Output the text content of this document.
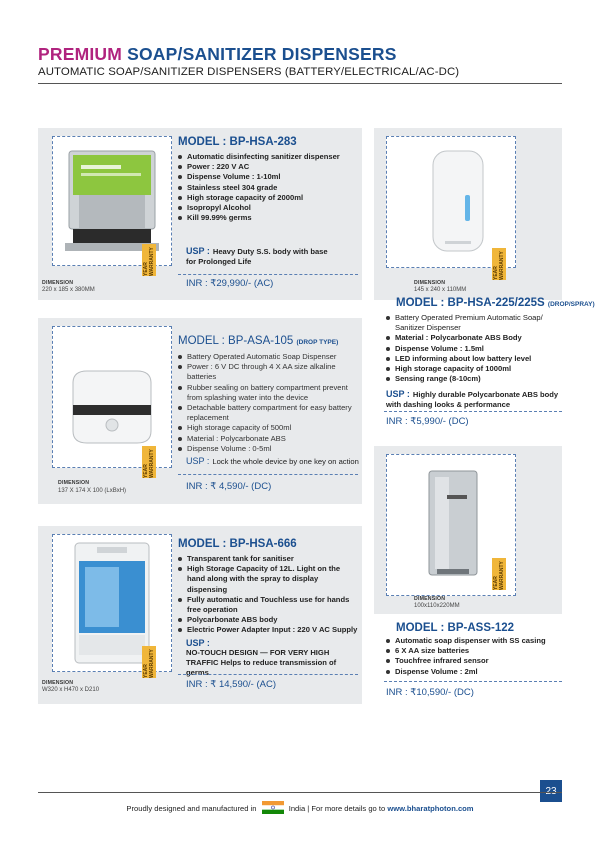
PREMIUM SOAP/SANITIZER DISPENSERS
AUTOMATIC SOAP/SANITIZER DISPENSERS (BATTERY/ELECTRICAL/AC-DC)
YEAR WARRANTY
DIMENSION
220 x 185 x 380MM
MODEL : BP-HSA-283
Automatic disinfecting sanitizer dispenser
Power : 220 V AC
Dispense Volume : 1-10ml
Stainless steel 304 grade
High storage capacity of 2000ml
Isopropyl Alcohol
Kill 99.99% germs
USP : Heavy Duty S.S. body with base for Prolonged Life
INR : ₹29,990/- (AC)
YEAR WARRANTY
DIMENSION
145 x 240 x 110MM
MODEL : BP-HSA-225/225S (DROP/SPRAY)
Battery Operated Premium Automatic Soap/ Sanitizer Dispenser
Material : Polycarbonate ABS Body
Dispense Volume : 1.5ml
LED informing about low battery level
High storage capacity of 1000ml
Sensing range (8-10cm)
USP : Highly durable Polycarbonate ABS body with dashing looks & performance
INR : ₹5,990/- (DC)
YEAR WARRANTY
DIMENSION
137 X 174 X 100 (LxBxH)
MODEL : BP-ASA-105 (DROP TYPE)
Battery Operated Automatic Soap Dispenser
Power : 6 V DC through 4 X AA size alkaline batteries
Rubber sealing on battery compartment prevent from splashing water into the device
Detachable battery compartment for easy battery replacement
High storage capacity of 500ml
Material : Polycarbonate ABS
Dispense Volume : 0-5ml
USP : Lock the whole device by one key on action
INR : ₹ 4,590/- (DC)
YEAR WARRANTY
DIMENSION
W320 x H470 x D210
MODEL : BP-HSA-666
Transparent tank for sanitiser
High Storage Capacity of 12L. Light on the hand along with the spray to display dispensing
Fully automatic and Touchless use for hands free operation
Polycarbonate ABS body
Electric Power Adapter Input : 220 V AC Supply
USP :
NO-TOUCH DESIGN — FOR VERY HIGH TRAFFIC Helps to reduce transmission of germs
INR : ₹ 14,590/- (AC)
YEAR WARRANTY
DIMENSION
100x110x220MM
MODEL : BP-ASS-122
Automatic soap dispenser with SS casing
6 X AA size batteries
Touchfree infrared sensor
Dispense Volume : 2ml
INR : ₹10,590/- (DC)
23
Proudly designed and manufactured in	India | For more details go to www.bharatphoton.com
